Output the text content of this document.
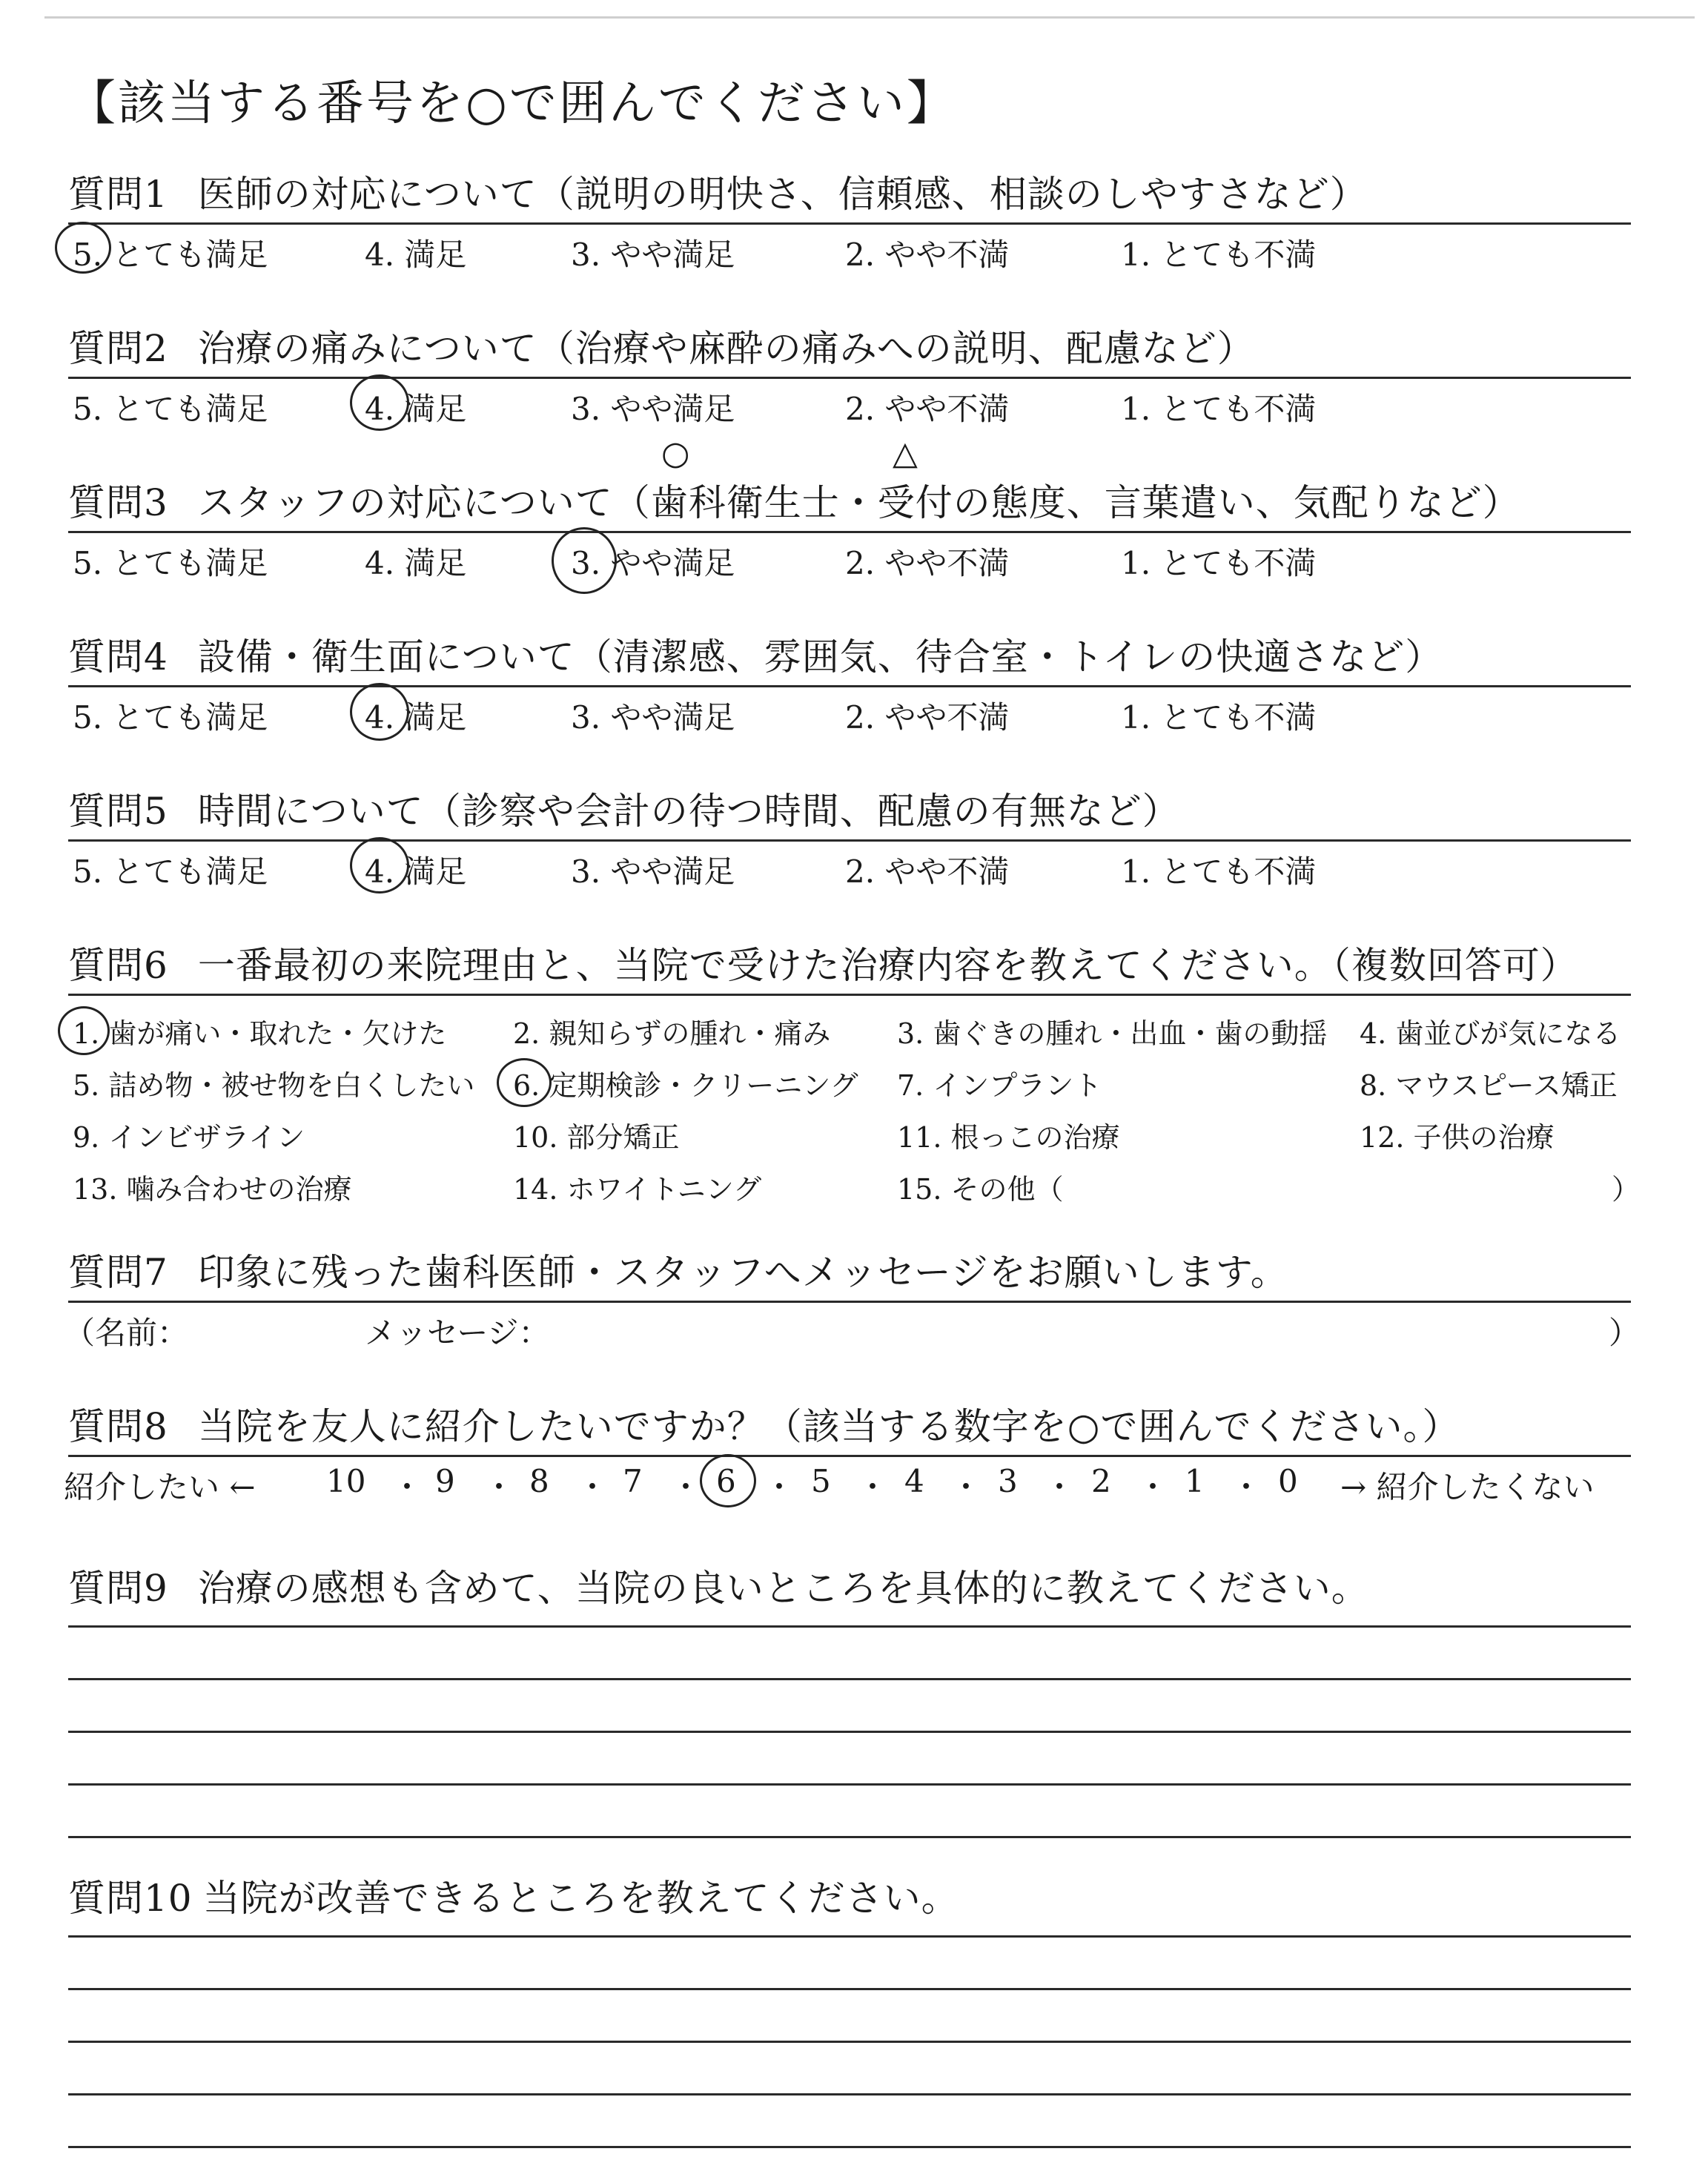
【該当する番号を○で囲んでください】
質問1 医師の対応について（説明の明快さ、信頼感、相談のしやすさなど）
5. とても満足	4. 満足	3. やや満足	2. やや不満	1. とても不満
質問2 治療の痛みについて（治療や麻酔の痛みへの説明、配慮など）
5. とても満足	4. 満足	3. やや満足	2. やや不満	1. とても不満
○	△
質問3 スタッフの対応について（歯科衛生士・受付の態度、言葉遣い、気配りなど）
5. とても満足	4. 満足	3. やや満足	2. やや不満	1. とても不満
質問4 設備・衛生面について（清潔感、雰囲気、待合室・トイレの快適さなど）
5. とても満足	4. 満足	3. やや満足	2. やや不満	1. とても不満
質問5 時間について（診察や会計の待つ時間、配慮の有無など）
5. とても満足	4. 満足	3. やや満足	2. やや不満	1. とても不満
質問6 一番最初の来院理由と、当院で受けた治療内容を教えてください。（複数回答可）
1. 歯が痛い・取れた・欠けた 2. 親知らずの腫れ・痛み 3. 歯ぐきの腫れ・出血・歯の動揺 4. 歯並びが気になる
5. 詰め物・被せ物を白くしたい 6. 定期検診・クリーニング 7. インプラント	8. マウスピース矯正
9. インビザライン	10. 部分矯正	11. 根っこの治療	12. 子供の治療
13. 噛み合わせの治療	14. ホワイトニング	15. その他（	）
質問7 印象に残った歯科医師・スタッフへメッセージをお願いします。
（名前：	メッセージ：	）
質問8 当院を友人に紹介したいですか？（該当する数字を○で囲んでください。）
紹介したい ← 10 ・ 9 ・ 8 ・ 7 ・ 6 ・ 5 ・ 4 ・ 3 ・ 2 ・ 1 ・ 0 → 紹介したくない
質問9 治療の感想も含めて、当院の良いところを具体的に教えてください。
質問10 当院が改善できるところを教えてください。
